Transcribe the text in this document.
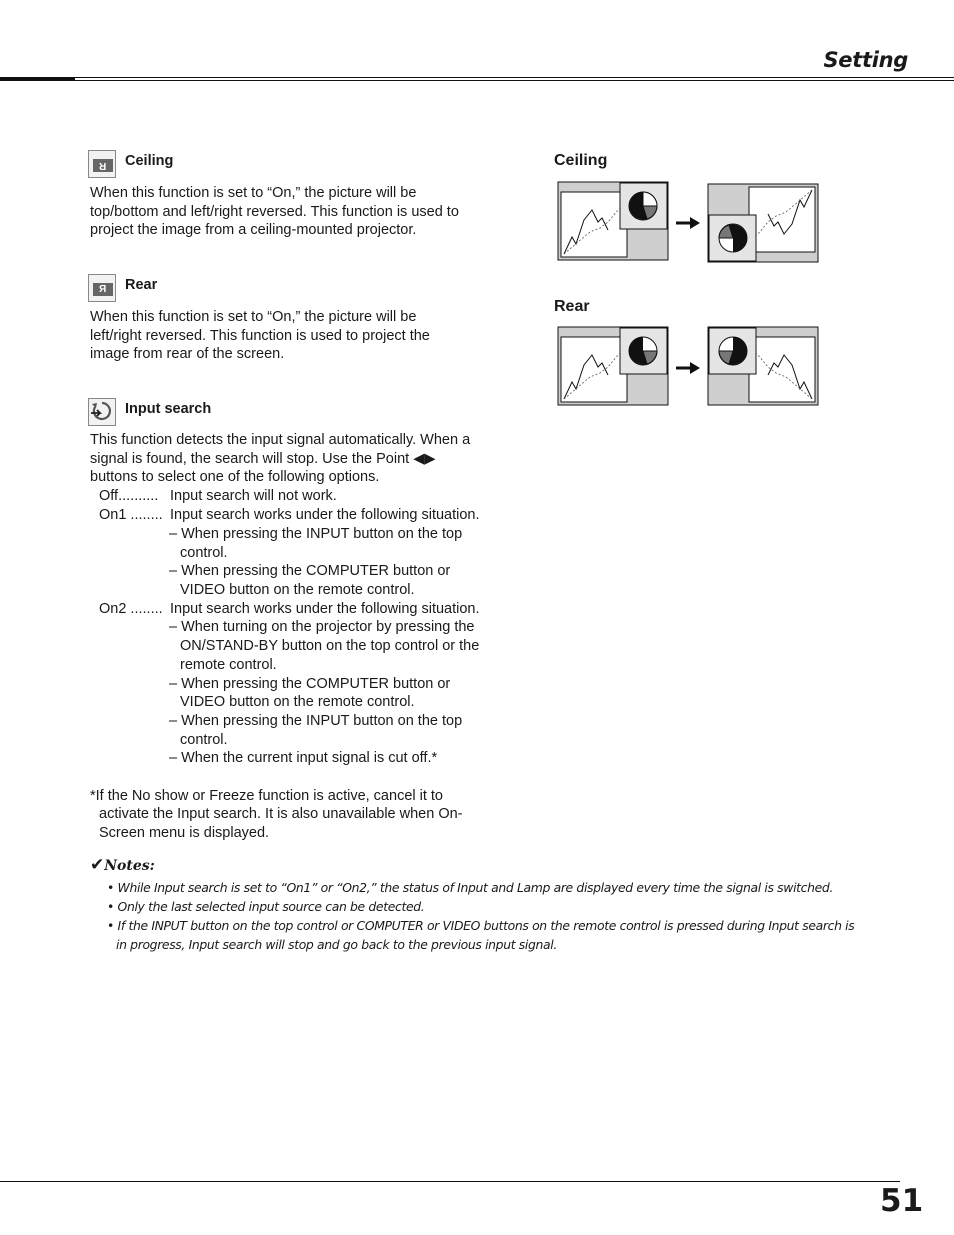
Setting
R	Ceiling

When this function is set to “On,” the picture will be

top/bottom and left/right reversed. This function is used to

project the image from a ceiling-mounted projector.

R	Rear

When this function is set to “On,” the picture will be

left/right reversed. This function is used to project the

image from rear of the screen.

Input search

This function detects the input signal automatically. When a

signal is found, the search will stop. Use the Point ◀▶

buttons to select one of the following options.

Off.......... Input search will not work.
On1 ........ Input search works under the following situation.
– When pressing the INPUT button on the top
control.
– When pressing the COMPUTER button or
VIDEO button on the remote control.
On2 ........ Input search works under the following situation.
– When turning on the projector by pressing the
ON/STAND-BY button on the top control or the
remote control.
– When pressing the COMPUTER button or
VIDEO button on the remote control.
– When pressing the INPUT button on the top
control.
– When the current input signal is cut off.*
*If the No show or Freeze function is active, cancel it to
activate the Input search. It is also unavailable when On-
Screen menu is displayed.
Ceiling
Rear
✔Notes:
• While Input search is set to “On1” or “On2,” the status of Input and Lamp are displayed every time the signal is switched.
• Only the last selected input source can be detected.
• If the INPUT button on the top control or COMPUTER or VIDEO buttons on the remote control is pressed during Input search is
in progress, Input search will stop and go back to the previous input signal.
51
